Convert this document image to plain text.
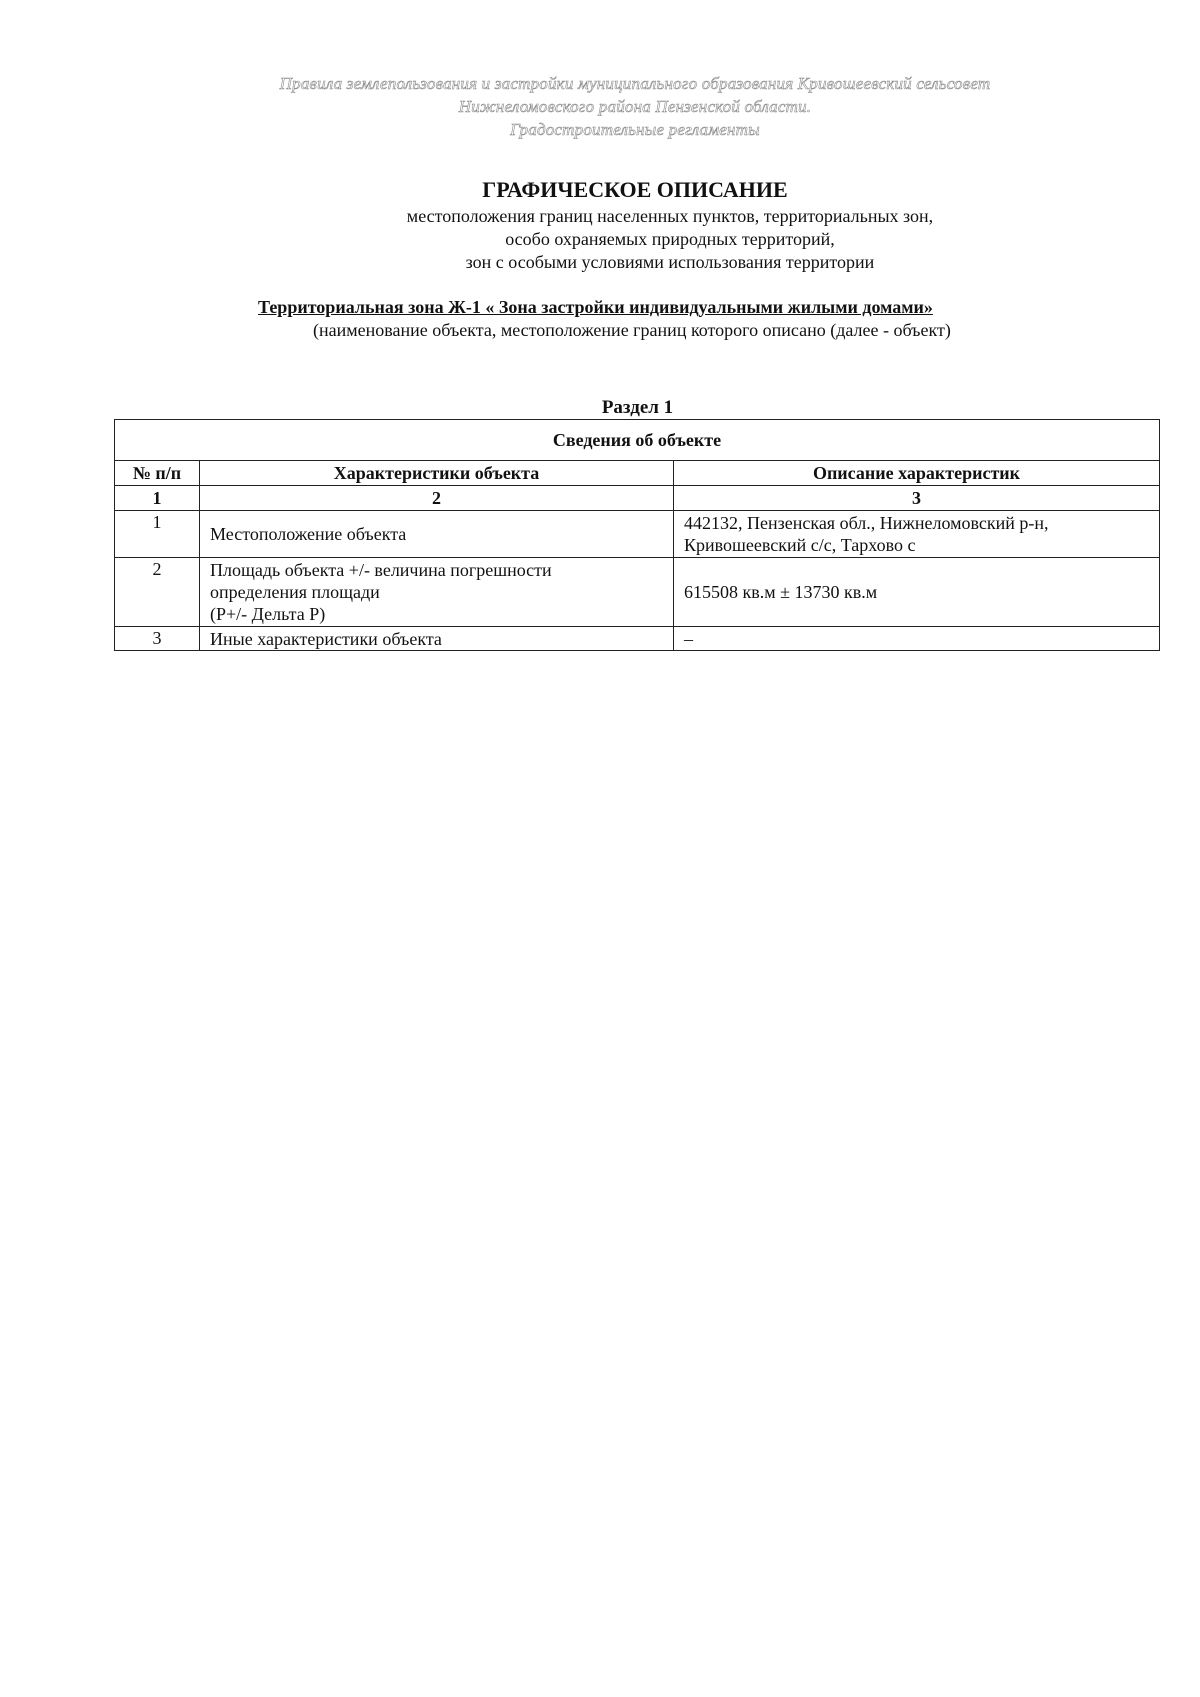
Правила землепользования и застройки муниципального образования Кривошеевский сельсовет
Нижнеломовского района Пензенской области.
Градостроительные регламенты
ГРАФИЧЕСКОЕ ОПИСАНИЕ
местоположения границ населенных пунктов, территориальных зон,
особо охраняемых природных территорий,
зон с особыми условиями использования территории
Территориальная зона Ж-1 « Зона застройки индивидуальными жилыми домами»
(наименование объекта, местоположение границ которого описано (далее - объект)
Раздел 1
Сведения об объекте		
№ п/п	Характеристики объекта	Описание характеристик
1	2	3
1	Местоположение объекта	442132, Пензенская обл., Нижнеломовский р-н,
Кривошеевский с/с, Тархово с
2	Площадь объекта +/- величина погрешности
определения площади
(P+/- Дельта P)	615508 кв.м ± 13730 кв.м
3	Иные характеристики объекта	–
